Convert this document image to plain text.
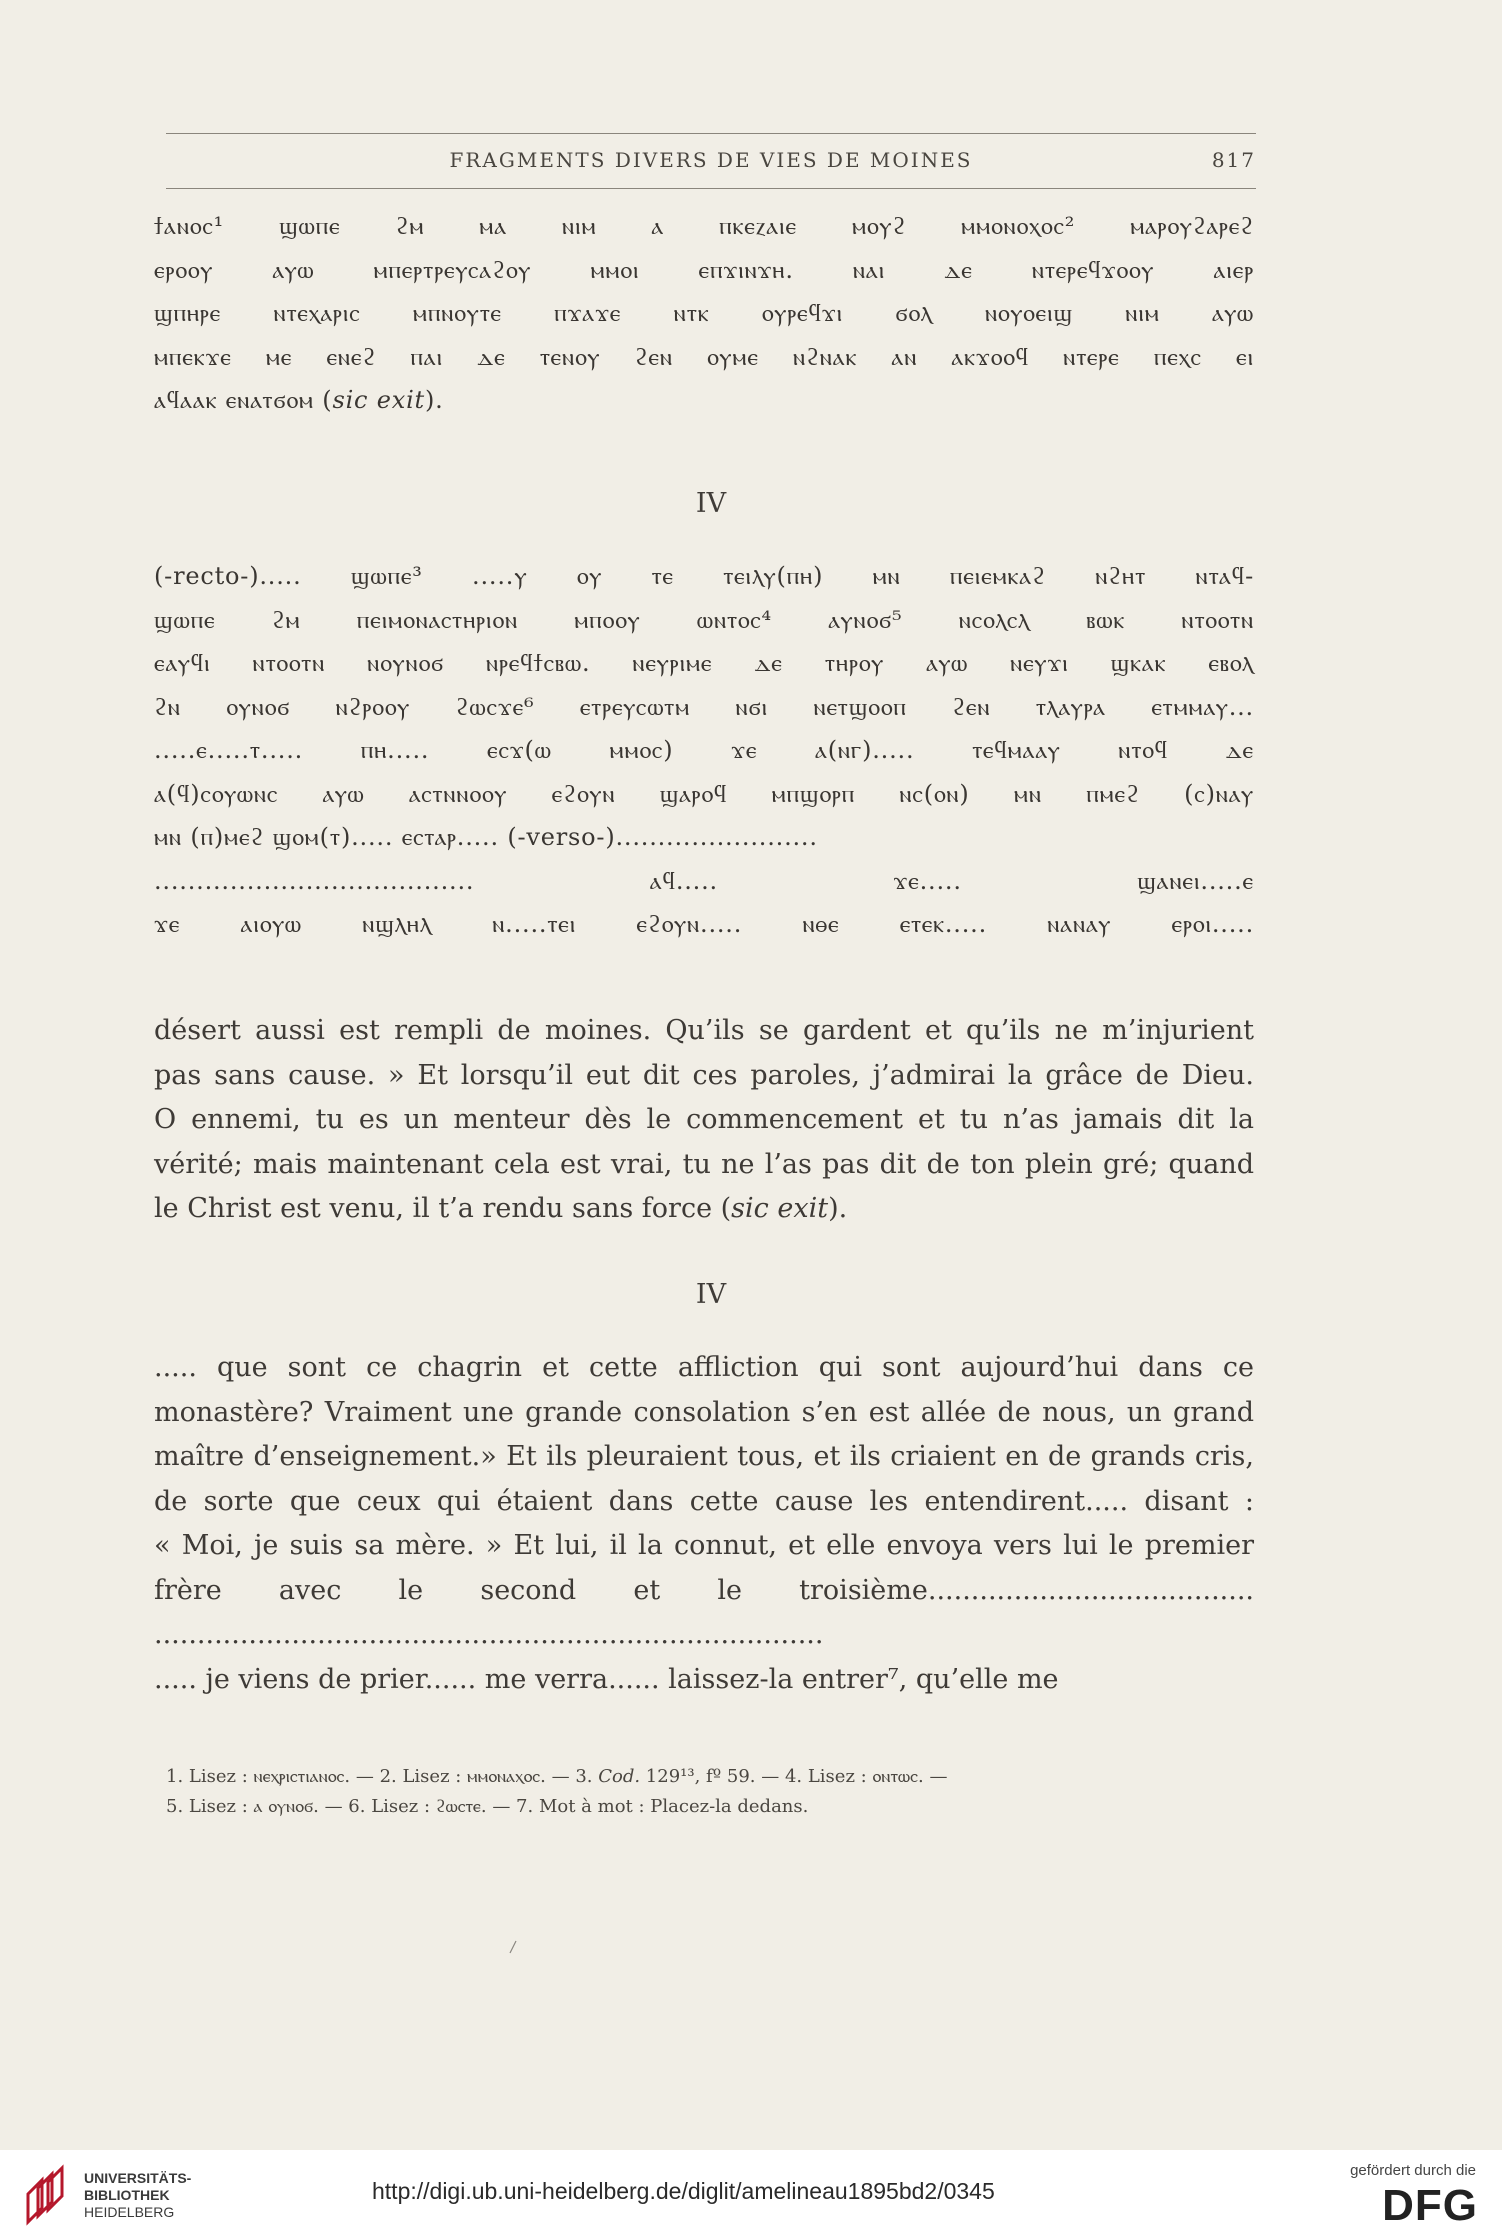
FRAGMENTS DIVERS DE VIES DE MOINES	817

ϯⲁⲛⲟⲥ¹ ϣⲱⲡⲉ ϩⲙ ⲙⲁ ⲛⲓⲙ ⲁ ⲡⲕⲉⲍⲁⲓⲉ ⲙⲟⲩϩ ⲙⲙⲟⲛⲟⲭⲟⲥ² ⲙⲁⲣⲟⲩϩⲁⲣⲉϩ

ⲉⲣⲟⲟⲩ ⲁⲩⲱ ⲙⲡⲉⲣⲧⲣⲉⲩⲥⲁϩⲟⲩ ⲙⲙⲟⲓ ⲉⲡϫⲓⲛϫⲏ. ⲛⲁⲓ ⲇⲉ ⲛⲧⲉⲣⲉϥϫⲟⲟⲩ ⲁⲓⲉⲣ

ϣⲡⲏⲣⲉ ⲛⲧⲉⲭⲁⲣⲓⲥ ⲙⲡⲛⲟⲩⲧⲉ ⲡϫⲁϫⲉ ⲛⲧⲕ ⲟⲩⲣⲉϥϫⲓ ϭⲟⲗ ⲛⲟⲩⲟⲉⲓϣ ⲛⲓⲙ ⲁⲩⲱ

ⲙⲡⲉⲕϫⲉ ⲙⲉ ⲉⲛⲉϩ ⲡⲁⲓ ⲇⲉ ⲧⲉⲛⲟⲩ ϩⲉⲛ ⲟⲩⲙⲉ ⲛϩⲛⲁⲕ ⲁⲛ ⲁⲕϫⲟⲟϥ ⲛⲧⲉⲣⲉ ⲡⲉⲭⲥ ⲉⲓ

ⲁϥⲁⲁⲕ ⲉⲛⲁⲧϭⲟⲙ (sic exit).

IV

(-recto-)..... ϣⲱⲡⲉ³ .....ⲩ ⲟⲩ ⲧⲉ ⲧⲉⲓⲗⲩ(ⲡⲏ) ⲙⲛ ⲡⲉⲓⲉⲙⲕⲁϩ ⲛϩⲏⲧ ⲛⲧⲁϥ-

ϣⲱⲡⲉ ϩⲙ ⲡⲉⲓⲙⲟⲛⲁⲥⲧⲏⲣⲓⲟⲛ ⲙⲡⲟⲟⲩ ⲱⲛⲧⲟⲥ⁴ ⲁⲩⲛⲟϭ⁵ ⲛⲥⲟⲗⲥⲗ ⲃⲱⲕ ⲛⲧⲟⲟⲧⲛ

ⲉⲁⲩϥⲓ ⲛⲧⲟⲟⲧⲛ ⲛⲟⲩⲛⲟϭ ⲛⲣⲉϥϯⲥⲃⲱ. ⲛⲉⲩⲣⲓⲙⲉ ⲇⲉ ⲧⲏⲣⲟⲩ ⲁⲩⲱ ⲛⲉⲩϫⲓ ϣⲕⲁⲕ ⲉⲃⲟⲗ

ϩⲛ ⲟⲩⲛⲟϭ ⲛϩⲣⲟⲟⲩ ϩⲱⲥϫⲉ⁶ ⲉⲧⲣⲉⲩⲥⲱⲧⲙ ⲛϭⲓ ⲛⲉⲧϣⲟⲟⲡ ϩⲉⲛ ⲧⲗⲁⲩⲣⲁ ⲉⲧⲙⲙⲁⲩ...

.....ⲉ.....ⲧ..... ⲡⲏ..... ⲉⲥϫ(ⲱ ⲙⲙⲟⲥ) ϫⲉ ⲁ(ⲛⲅ)..... ⲧⲉϥⲙⲁⲁⲩ ⲛⲧⲟϥ ⲇⲉ

ⲁ(ϥ)ⲥⲟⲩⲱⲛⲥ ⲁⲩⲱ ⲁⲥⲧⲛⲛⲟⲟⲩ ⲉϩⲟⲩⲛ ϣⲁⲣⲟϥ ⲙⲡϣⲟⲣⲡ ⲛⲥ(ⲟⲛ) ⲙⲛ ⲡⲙⲉϩ (ⲥ)ⲛⲁⲩ

ⲙⲛ (ⲡ)ⲙⲉϩ ϣⲟⲙ(ⲧ)..... ⲉⲥⲧⲁⲣ..... (-verso-)........................

...................................... ⲁϥ..... ϫⲉ..... ϣⲁⲛⲉⲓ.....ⲉ

ϫⲉ ⲁⲓⲟⲩⲱ ⲛϣⲗⲏⲗ ⲛ.....ⲧⲉⲓ ⲉϩⲟⲩⲛ..... ⲛⲑⲉ ⲉⲧⲉⲕ..... ⲛⲁⲛⲁⲩ ⲉⲣⲟⲓ.....

désert aussi est rempli de moines. Qu’ils se gardent et qu’ils ne m’injurient

pas sans cause. » Et lorsqu’il eut dit ces paroles, j’admirai la grâce de Dieu.

O ennemi, tu es un menteur dès le commencement et tu n’as jamais dit la

vérité; mais maintenant cela est vrai, tu ne l’as pas dit de ton plein gré; quand

le Christ est venu, il t’a rendu sans force (sic exit).

IV

..... que sont ce chagrin et cette affliction qui sont aujourd’hui dans ce

monastère? Vraiment une grande consolation s’en est allée de nous, un grand

maître d’enseignement.» Et ils pleuraient tous, et ils criaient en de grands cris,

de sorte que ceux qui étaient dans cette cause les entendirent..... disant :

« Moi, je suis sa mère. » Et lui, il la connut, et elle envoya vers lui le premier

frère avec le second et le troisième......................................

..............................................................................

..... je viens de prier...... me verra...... laissez-la entrer⁷, qu’elle me

1. Lisez : ⲛⲉⲭⲣⲓⲥⲧⲓⲁⲛⲟⲥ. — 2. Lisez : ⲙⲙⲟⲛⲁⲭⲟⲥ. — 3. Cod. 129¹³, fº 59. — 4. Lisez : ⲟⲛⲧⲱⲥ. —

5. Lisez : ⲁ ⲟⲩⲛⲟϭ. — 6. Lisez : ϩⲱⲥⲧⲉ. — 7. Mot à mot : Placez-la dedans.

UNIVERSITÄTS-
BIBLIOTHEK
HEIDELBERG
http://digi.ub.uni-heidelberg.de/diglit/amelineau1895bd2/0345
gefördert durch die
DFG
